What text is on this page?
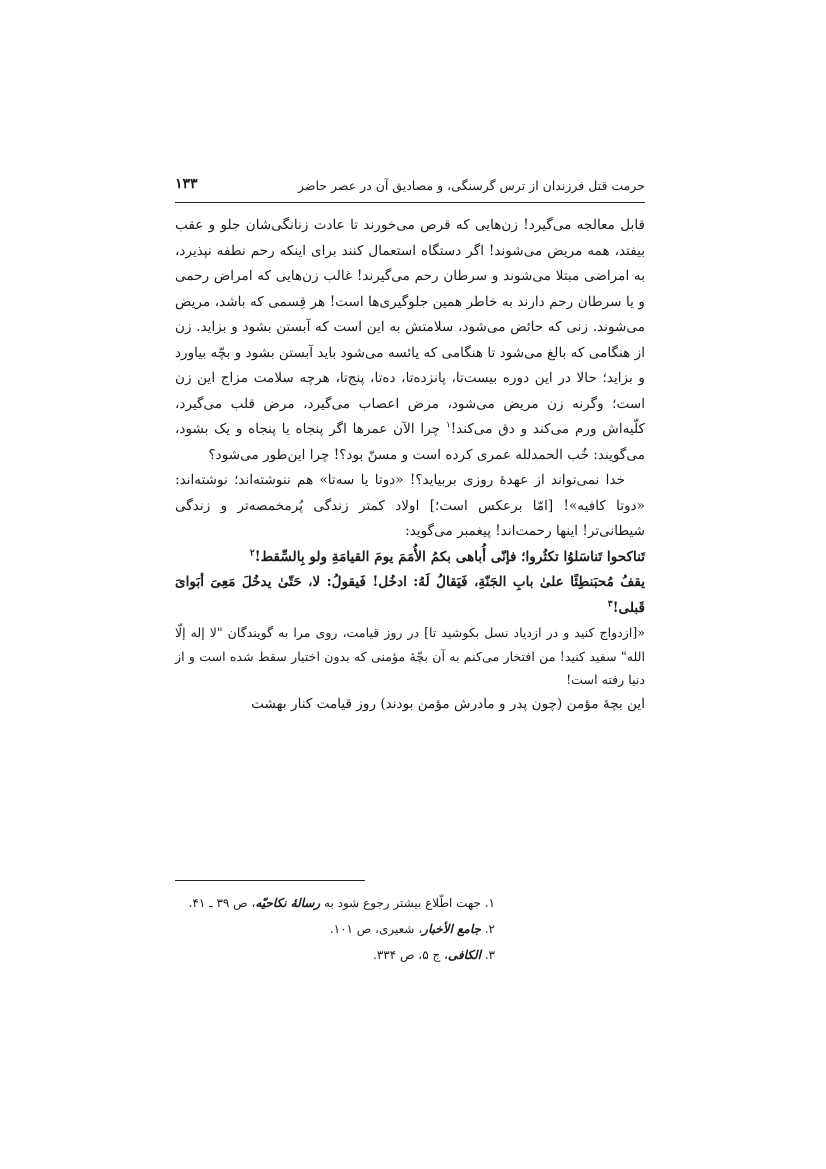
حرمت قتل فرزندان از ترس گرسنگی، و مصادیق آن در عصر حاضر
۱۳۳

قابل معالجه می‌گیرد! زن‌هایی که قرص می‌خورند تا عادت زنانگی‌شان جلو و عقب بیفتد، همه مریض می‌شوند! اگر دستگاه استعمال کنند برای اینکه رحم نطفه نپذیرد، به امراضی مبتلا می‌شوند و سرطان رحم می‌گیرند! غالب زن‌هایی که امراض رحمی و یا سرطان رحم دارند به خاطر همین جلوگیری‌ها است! هر قِسمی که باشد، مریض می‌شوند. زنی که حائض می‌شود، سلامتش به این است که آبستن بشود و بزاید. زن از هنگامی که بالغ می‌شود تا هنگامی که یائسه می‌شود باید آبستن بشود و بچّه بیاورد و بزاید؛ حالا در این دوره بیست‌تا، پانزده‌تا، ده‌تا، پنج‌تا، هرچه سلامت مزاج این زن است؛ وگرنه زن مریض می‌شود، مرض اعصاب می‌گیرد، مرض قلب می‌گیرد، کلّیه‌اش ورم می‌کند و دق می‌کند!$^۱$ چرا الآن عمرها اگر پنجاه یا پنجاه و یک بشود، می‌گویند: خُب الحمدلله عمری کرده است و مسنّ بود؟! چرا این‌طور می‌شود؟

خدا نمی‌تواند از عهدهٔ روزی بربیاید؟! «دوتا یا سه‌تا» هم ننوشته‌اند؛ نوشته‌اند: «دوتا کافیه»! [امّا برعکس است؛] اولاد کمتر زندگی پُرمخمصه‌تر و زندگی شیطانی‌تر! اینها رحمت‌اند! پیغمبر می‌گوید:

تَناكحوا تَناسَلوُا تكثُروا؛ فإنّی أُباهی بكمُ الأُمَمَ یومَ القیامَةِ ولو بِالسِّقط!$^۲$

یقفُ مُحبَنطِئًا علیٰ بابِ الجَنّةِ، فَیَقالُ لَهُ: ادخُل! فَیقولُ: لا، حَتّیٰ یدخُلَ مَعِیَ أبَوایَ قَبلی!$^۳$

«[ازدواج کنید و در ازدیاد نسل بکوشید تا] در روز قیامت، روی مرا به گویندگان "لا إله إلّا الله" سفید کنید! من افتخار می‌کنم به آن بچّهٔ مؤمنی که بدون اختیار سقط شده است و از دنیا رفته است!

این بچهٔ مؤمن (چون پدر و مادرش مؤمن بودند) روز قیامت کنار بهشت

۱. جهت اطّلاع بیشتر رجوع شود به رسالهٔ نکاحیّه، ص ۳۹ ـ ۴۱.
۲. جامع الأخبار، شعیری، ص ۱۰۱.
۳. الکافی، ج ۵، ص ۳۳۴.
